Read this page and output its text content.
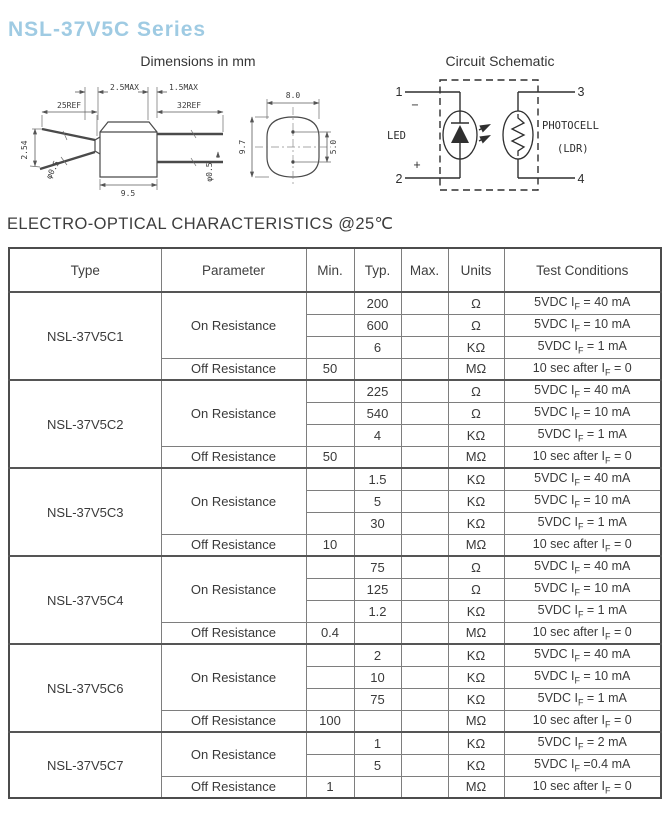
NSL-37V5C Series
Dimensions in mm	Circuit Schematic
2.5MAX	1.5MAX
25REF	32REF
2.54
φ0.5
9.5
φ0.5
8.0
9.7	5.0
1
−
2
+
3
4
LED
PHOTOCELL
(LDR)
ELECTRO-OPTICAL CHARACTERISTICS @25℃
Type	Parameter	Min.	Typ.	Max.	Units	Test Conditions
NSL-37V5C1	On Resistance		200		Ω	5VDC $I_F = 40$ mA
			600		Ω	5VDC $I_F = 10$ mA
			6		KΩ	5VDC $I_F = 1$ mA
	Off Resistance	50			MΩ	10 sec after $I_F = 0$
NSL-37V5C2	On Resistance		225		Ω	5VDC $I_F = 40$ mA
			540		Ω	5VDC $I_F = 10$ mA
			4		KΩ	5VDC $I_F = 1$ mA
	Off Resistance	50			MΩ	10 sec after $I_F = 0$
NSL-37V5C3	On Resistance		1.5		KΩ	5VDC $I_F = 40$ mA
			5		KΩ	5VDC $I_F = 10$ mA
			30		KΩ	5VDC $I_F = 1$ mA
	Off Resistance	10			MΩ	10 sec after $I_F = 0$
NSL-37V5C4	On Resistance		75		Ω	5VDC $I_F = 40$ mA
			125		Ω	5VDC $I_F = 10$ mA
			1.2		KΩ	5VDC $I_F = 1$ mA
	Off Resistance	0.4			MΩ	10 sec after $I_F = 0$
NSL-37V5C6	On Resistance		2		KΩ	5VDC $I_F = 40$ mA
			10		KΩ	5VDC $I_F = 10$ mA
			75		KΩ	5VDC $I_F = 1$ mA
	Off Resistance	100			MΩ	10 sec after $I_F = 0$
NSL-37V5C7	On Resistance		1		KΩ	5VDC $I_F = 2$ mA
			5		KΩ	5VDC $I_F =0.4$ mA
	Off Resistance	1			MΩ	10 sec after $I_F = 0$
